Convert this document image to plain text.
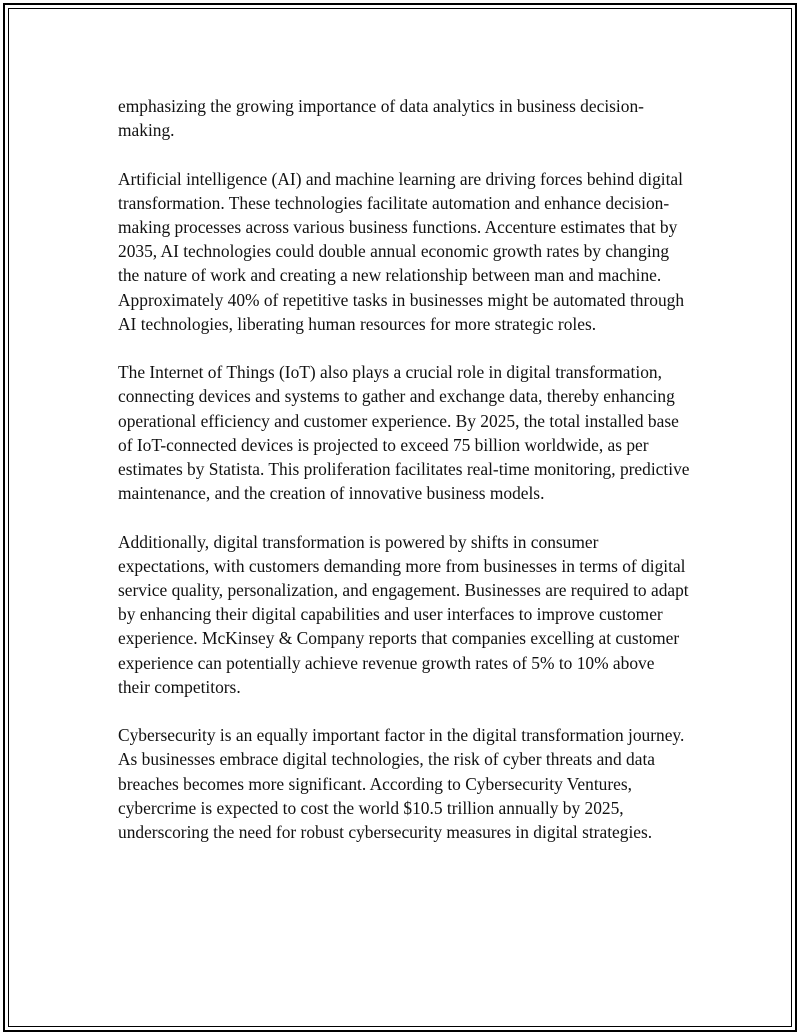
emphasizing the growing importance of data analytics in business decision-making.

Artificial intelligence (AI) and machine learning are driving forces behind digital transformation. These technologies facilitate automation and enhance decision-making processes across various business functions. Accenture estimates that by 2035, AI technologies could double annual economic growth rates by changing the nature of work and creating a new relationship between man and machine. Approximately 40% of repetitive tasks in businesses might be automated through AI technologies, liberating human resources for more strategic roles.

The Internet of Things (IoT) also plays a crucial role in digital transformation, connecting devices and systems to gather and exchange data, thereby enhancing operational efficiency and customer experience. By 2025, the total installed base of IoT-connected devices is projected to exceed 75 billion worldwide, as per estimates by Statista. This proliferation facilitates real-time monitoring, predictive maintenance, and the creation of innovative business models.

Additionally, digital transformation is powered by shifts in consumer expectations, with customers demanding more from businesses in terms of digital service quality, personalization, and engagement. Businesses are required to adapt by enhancing their digital capabilities and user interfaces to improve customer experience. McKinsey & Company reports that companies excelling at customer experience can potentially achieve revenue growth rates of 5% to 10% above their competitors.

Cybersecurity is an equally important factor in the digital transformation journey. As businesses embrace digital technologies, the risk of cyber threats and data breaches becomes more significant. According to Cybersecurity Ventures, cybercrime is expected to cost the world $10.5 trillion annually by 2025, underscoring the need for robust cybersecurity measures in digital strategies.
